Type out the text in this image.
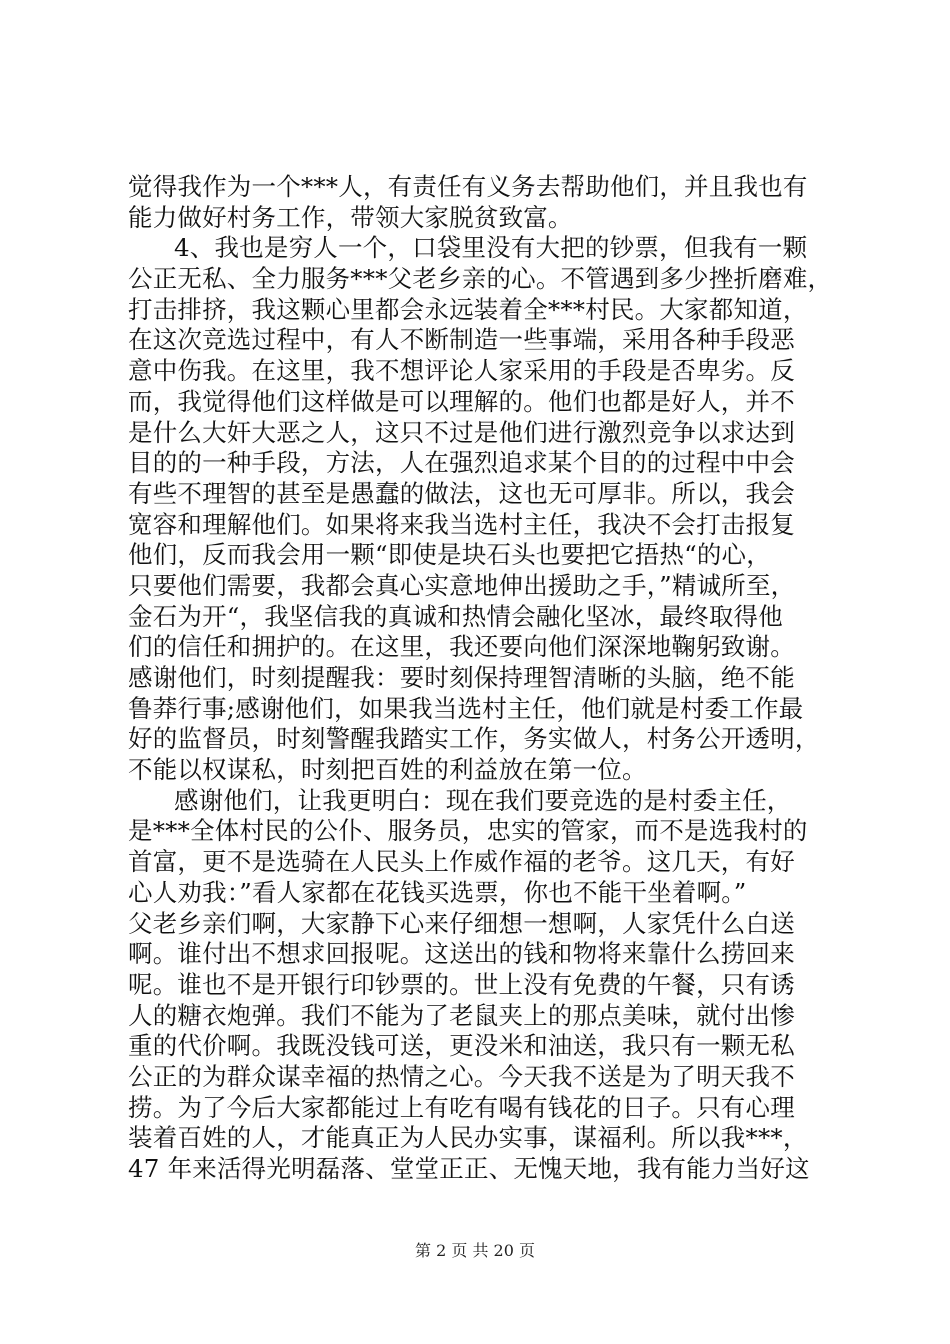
觉得我作为一个***人，有责任有义务去帮助他们，并且我也有
能力做好村务工作，带领大家脱贫致富。
4、我也是穷人一个，口袋里没有大把的钞票，但我有一颗
公正无私、全力服务***父老乡亲的心。不管遇到多少挫折磨难，
打击排挤，我这颗心里都会永远装着全***村民。大家都知道，
在这次竞选过程中，有人不断制造一些事端，采用各种手段恶
意中伤我。在这里，我不想评论人家采用的手段是否卑劣。反
而，我觉得他们这样做是可以理解的。他们也都是好人，并不
是什么大奸大恶之人，这只不过是他们进行激烈竞争以求达到
目的的一种手段，方法，人在强烈追求某个目的的过程中中会
有些不理智的甚至是愚蠢的做法，这也无可厚非。所以，我会
宽容和理解他们。如果将来我当选村主任，我决不会打击报复
他们，反而我会用一颗“即使是块石头也要把它捂热“的心，
只要他们需要，我都会真心实意地伸出援助之手，”精诚所至，
金石为开“，我坚信我的真诚和热情会融化坚冰，最终取得他
们的信任和拥护的。在这里，我还要向他们深深地鞠躬致谢。
感谢他们，时刻提醒我：要时刻保持理智清晰的头脑，绝不能
鲁莽行事;感谢他们，如果我当选村主任，他们就是村委工作最
好的监督员，时刻警醒我踏实工作，务实做人，村务公开透明，
不能以权谋私，时刻把百姓的利益放在第一位。
感谢他们，让我更明白：现在我们要竞选的是村委主任，
是***全体村民的公仆、服务员，忠实的管家，而不是选我村的
首富，更不是选骑在人民头上作威作福的老爷。这几天，有好
心人劝我：”看人家都在花钱买选票，你也不能干坐着啊。”
父老乡亲们啊，大家静下心来仔细想一想啊，人家凭什么白送
啊。谁付出不想求回报呢。这送出的钱和物将来靠什么捞回来
呢。谁也不是开银行印钞票的。世上没有免费的午餐，只有诱
人的糖衣炮弹。我们不能为了老鼠夹上的那点美味，就付出惨
重的代价啊。我既没钱可送，更没米和油送，我只有一颗无私
公正的为群众谋幸福的热情之心。今天我不送是为了明天我不
捞。为了今后大家都能过上有吃有喝有钱花的日子。只有心理
装着百姓的人，才能真正为人民办实事，谋福利。所以我***，
47 年来活得光明磊落、堂堂正正、无愧天地，我有能力当好这
第 2 页 共 20 页
